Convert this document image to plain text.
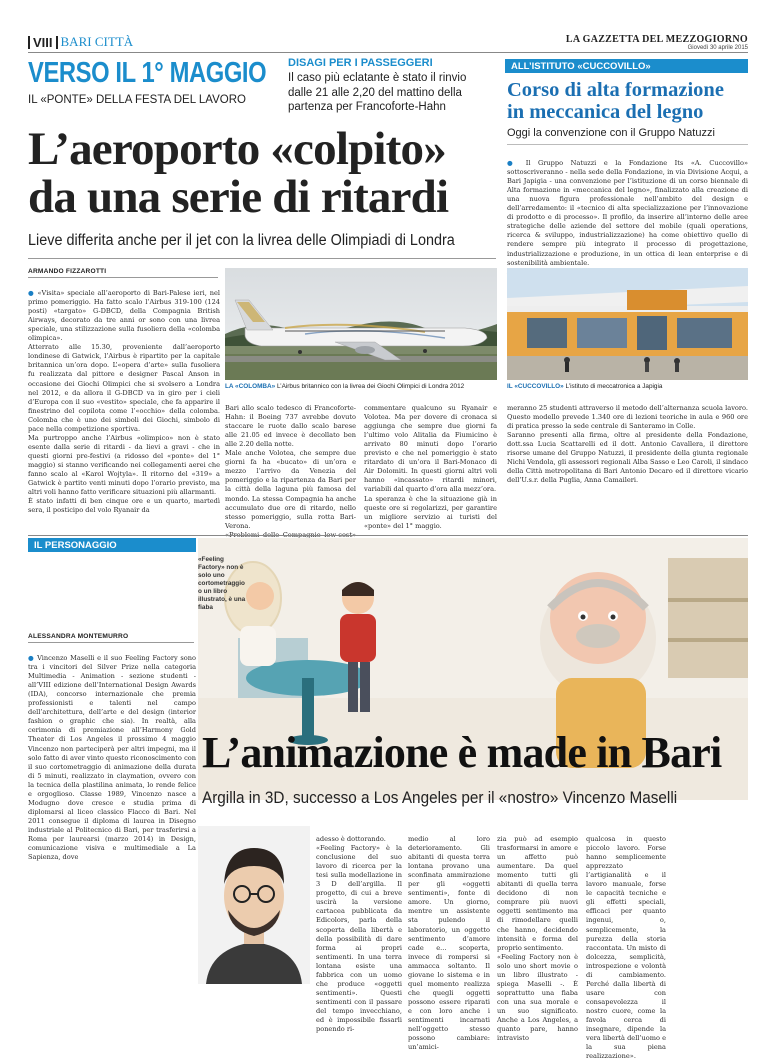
VIII BARI CITTÀ	LA GAZZETTA DEL MEZZOGIORNO
Giovedì 30 aprile 2015
VERSO IL 1° MAGGIO
IL «PONTE» DELLA FESTA DEL LAVORO
DISAGI PER I PASSEGGERI
Il caso più eclatante è stato il rinvio dalle 21 alle 2,20 del mattino della partenza per Francoforte-Hahn
L’aeroporto «colpito»
da una serie di ritardi
Lieve differita anche per il jet con la livrea delle Olimpiadi di Londra
ALL’ISTITUTO «CUCCOVILLO»
Corso di alta formazione
in meccanica del legno
Oggi la convenzione con il Gruppo Natuzzi

● Il Gruppo Natuzzi e la Fondazione Its «A. Cuccovillo» sottoscriveranno - nella sede della Fondazione, in via Divisione Acqui, a Bari Japigia - una convenzione per l’istituzione di un corso biennale di Alta formazione in «meccanica del legno», finalizzato alla creazione di una nuova figura professionale nell’ambito del design e dell’arredamento: il «tecnico di alta specializzazione per l’innovazione di prodotto e di processo». Il profilo, da inserire all’interno delle aree strategiche delle aziende del settore del mobile (quali operations, ricerca & sviluppo, industrializzazione) ha come obiettivo quello di rendere sempre più integrato il processo di progettazione, industrializzazione e produzione, in un ottica di lean enterprise e di sostenibilità ambientale.

ARMANDO FIZZAROTTI

● «Visita» speciale all’aeroporto di Bari-Palese ieri, nel primo pomeriggio. Ha fatto scalo l’Airbus 319-100 (124 posti) «targato» G-DBCD, della Compagnia British Airways, decorato da tre anni or sono con una livrea speciale, una stilizzazione sulla fusoliera della «colomba olimpica».
Atterrato alle 15.30, proveniente dall’aeroporto londinese di Gatwick, l’Airbus è ripartito per la capitale britannica un’ora dopo. L’«opera d’arte» sulla fusoliera fu realizzata dal pittore e designer Pascal Anson in occasione dei Giochi Olimpici che si svolsero a Londra nel 2012, e da allora il G-DBCD va in giro per i cieli d’Europa con il suo «vestito» speciale, che fa apparire il finestrino del copilota come l’«occhio» della colomba. Colomba che è uno dei simboli dei Giochi, simbolo di pace nella competizione sportiva.
Ma purtroppo anche l’Airbus «olimpico» non è stato esente dalla serie di ritardi - da lievi a gravi - che in questi giorni pre-festivi (a ridosso del «ponte» del 1° maggio) si stanno verificando nei collegamenti aerei che fanno scalo al «Karol Wojtyla». Il ritorno del «319» a Gatwick è partito venti minuti dopo l’orario previsto, ma altri voli hanno fatto verificare situazioni più allarmanti.
È stato infatti di ben cinque ore e un quarto, martedì sera, il posticipo del volo Ryanair da

LA «COLOMBA» L’Airbus britannico con la livrea dei Giochi Olimpici di Londra 2012

Bari allo scalo tedesco di Francoforte-Hahn: il Boeing 737 avrebbe dovuto staccare le ruote dallo scalo barese alle 21.05 ed invece è decollato ben alle 2.20 della notte.
Male anche Volotea, che sempre due giorni fa ha «bucato» di un’ora e mezzo l’arrivo da Venezia del pomeriggio e la ripartenza da Bari per la città della laguna più famosa del mondo. La stessa Compagnia ha anche accumulato due ore di ritardo, nello stesso pomeriggio, sulla rotta Bari-Verona.

commentare qualcuno su Ryanair e Volotea. Ma per dovere di cronaca si aggiunga che sempre due giorni fa l’ultimo volo Alitalia da Fiumicino è arrivato 80 minuti dopo l’orario previsto e che nel pomeriggio è stato ritardato di un’ora il Bari-Monaco di Air Dolomiti. In questi giorni altri voli hanno «incassato» ritardi minori, variabili dal quarto d’ora alla mezz’ora.
La speranza è che la situazione già in queste ore si regolarizzi, per garantire un migliore servizio ai turisti del «ponte» del 1° maggio.

IL «CUCCOVILLO» L’istituto di meccatronica a Japigia

meranno 25 studenti attraverso il metodo dell’alternanza scuola lavoro. Questo modello prevede 1.340 ore di lezioni teoriche in aula e 960 ore di pratica presso la sede centrale di Santeramo in Colle.
Saranno presenti alla firma, oltre al presidente della Fondazione, dott.ssa Lucia Scattarelli ed il dott. Antonio Cavallera, il direttore risorse umane del Gruppo Natuzzi, il presidente della giunta regionale Nichi Vendola, gli assessori regionali Alba Sasso e Leo Caroli, il sindaco della Città metropolitana di Bari Antonio Decaro ed il direttore vicario dell’U.s.r. della Puglia, Anna Camaileri.

IL PERSONAGGIO
«Feeling Factory» non è solo uno cortometraggio o un libro illustrato, è una fiaba
ALESSANDRA MONTEMURRO

● Vincenzo Maselli e il suo Feeling Factory sono tra i vincitori del Silver Prize nella categoria Multimedia - Animation - sezione studenti - all’VIII edizione dell’International Design Awards (IDA), concorso internazionale che premia professionisti e talenti nel campo dell’architettura, dell’arte e del design (interior fashion o graphic che sia). In realtà, alla cerimonia di premiazione all’Harmony Gold Theater di Los Angeles il prossimo 4 maggio Vincenzo non parteciperà per altri impegni, ma il solo fatto di aver vinto questo riconoscimento con il suo cortometraggio di animazione della durata di 5 minuti, realizzato in claymation, ovvero con la tecnica della plastilina animata, lo rende felice e orgoglioso. Classe 1989, Vincenzo nasce a Modugno dove cresce e studia prima di diplomarsi al liceo classico Flacco di Bari. Nel 2011 consegue il diploma di laurea in Disegno industriale al Politecnico di Bari, per trasferirsi a Roma per laurearsi (marzo 2014) in Design, comunicazione visiva e multimediale a La Sapienza, dove

L’animazione è made in Bari
Argilla in 3D, successo a Los Angeles per il «nostro» Vincenzo Maselli

adesso è dottorando.
«Feeling Factory» è la conclusione del suo lavoro di ricerca per la tesi sulla modellazione in 3 D dell’argilla. Il progetto, di cui a breve uscirà la versione cartacea pubblicata da Edicolors, parla della scoperta della libertà e della possibilità di dare forma ai propri sentimenti. In una terra lontana esiste una fabbrica con un uomo che produce «oggetti sentimenti». Questi sentimenti con il passare del tempo invecchiano, ed è impossibile fissarli ponendo ri-

medio al loro deterioramento. Gli abitanti di questa terra lontana provano una sconfinata ammirazione per gli «oggetti sentimenti», fonte di amore. Un giorno, mentre un assistente sta pulendo il laboratorio, un oggetto sentimento d’amore cade e... scoperta, invece di rompersi si ammacca soltanto. Il giovane lo sistema e in quel momento realizza che quegli oggetti possono essere riparati e con loro anche i sentimenti incarnati nell’oggetto stesso possono cambiare: un’amici-

zia può ad esempio trasformarsi in amore e un affetto può aumentare. Da quel momento tutti gli abitanti di quella terra decidono di non comprare più nuovi oggetti sentimento ma di rimodellare quelli che hanno, decidendo intensità e forma del proprio sentimento.
«Feeling Factory non è solo uno short movie o un libro illustrato - spiega Maselli -. È soprattutto una fiaba con una sua morale e un suo significato. Anche a Los Angeles, a quanto pare, hanno intravisto

qualcosa in questo piccolo lavoro. Forse hanno semplicemente apprezzato l’artigianalità e il lavoro manuale, forse le capacità tecniche e gli effetti speciali, efficaci per quanto ingenui, o, semplicemente, la purezza della storia raccontata. Un misto di dolcezza, semplicità, introspezione e volontà di cambiamento. Perché dalla libertà di usare con consapevolezza il nostro cuore, come la favola cerca di insegnare, dipende la vera libertà dell’uomo e la sua piena realizzazione».
